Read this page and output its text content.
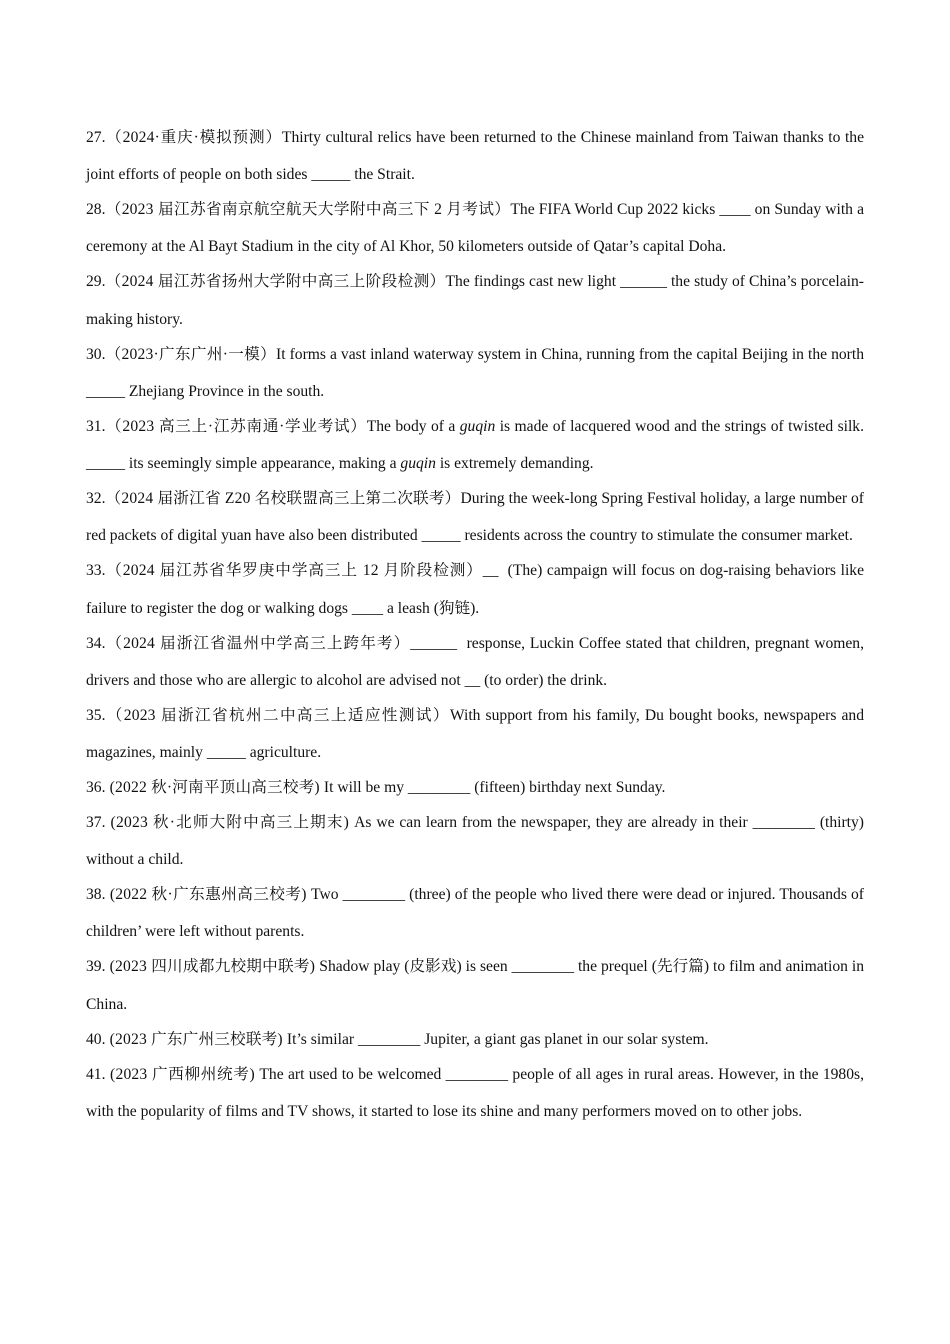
27.（2024·重庆·模拟预测）Thirty cultural relics have been returned to the Chinese mainland from Taiwan thanks to the joint efforts of people on both sides _____ the Strait.

28.（2023 届江苏省南京航空航天大学附中高三下 2 月考试）The FIFA World Cup 2022 kicks ____ on Sunday with a ceremony at the Al Bayt Stadium in the city of Al Khor, 50 kilometers outside of Qatar’s capital Doha.

29.（2024 届江苏省扬州大学附中高三上阶段检测）The findings cast new light ______ the study of China’s porcelain-making history.

30.（2023·广东广州·一模）It forms a vast inland waterway system in China, running from the capital Beijing in the north _____ Zhejiang Province in the south.

31.（2023 高三上·江苏南通·学业考试）The body of a guqin is made of lacquered wood and the strings of twisted silk. _____ its seemingly simple appearance, making a guqin is extremely demanding.

32.（2024 届浙江省 Z20 名校联盟高三上第二次联考）During the week-long Spring Festival holiday, a large number of red packets of digital yuan have also been distributed _____ residents across the country to stimulate the consumer market.

33.（2024 届江苏省华罗庚中学高三上 12 月阶段检测）__  (The) campaign will focus on dog-raising behaviors like failure to register the dog or walking dogs ____ a leash (狗链).

34.（2024 届浙江省温州中学高三上跨年考）______  response, Luckin Coffee stated that children, pregnant women, drivers and those who are allergic to alcohol are advised not __ (to order) the drink.

35.（2023 届浙江省杭州二中高三上适应性测试）With support from his family, Du bought books, newspapers and magazines, mainly _____ agriculture.

36. (2022 秋·河南平顶山高三校考) It will be my ________ (fifteen) birthday next Sunday.

37. (2023 秋·北师大附中高三上期末) As we can learn from the newspaper, they are already in their ________ (thirty) without a child.

38. (2022 秋·广东惠州高三校考) Two ________ (three) of the people who lived there were dead or injured. Thousands of children’ were left without parents.

39. (2023 四川成都九校期中联考) Shadow play (皮影戏) is seen ________ the prequel (先行篇) to film and animation in China.

40. (2023 广东广州三校联考) It’s similar ________ Jupiter, a giant gas planet in our solar system.

41. (2023 广西柳州统考) The art used to be welcomed ________ people of all ages in rural areas. However, in the 1980s, with the popularity of films and TV shows, it started to lose its shine and many performers moved on to other jobs.
